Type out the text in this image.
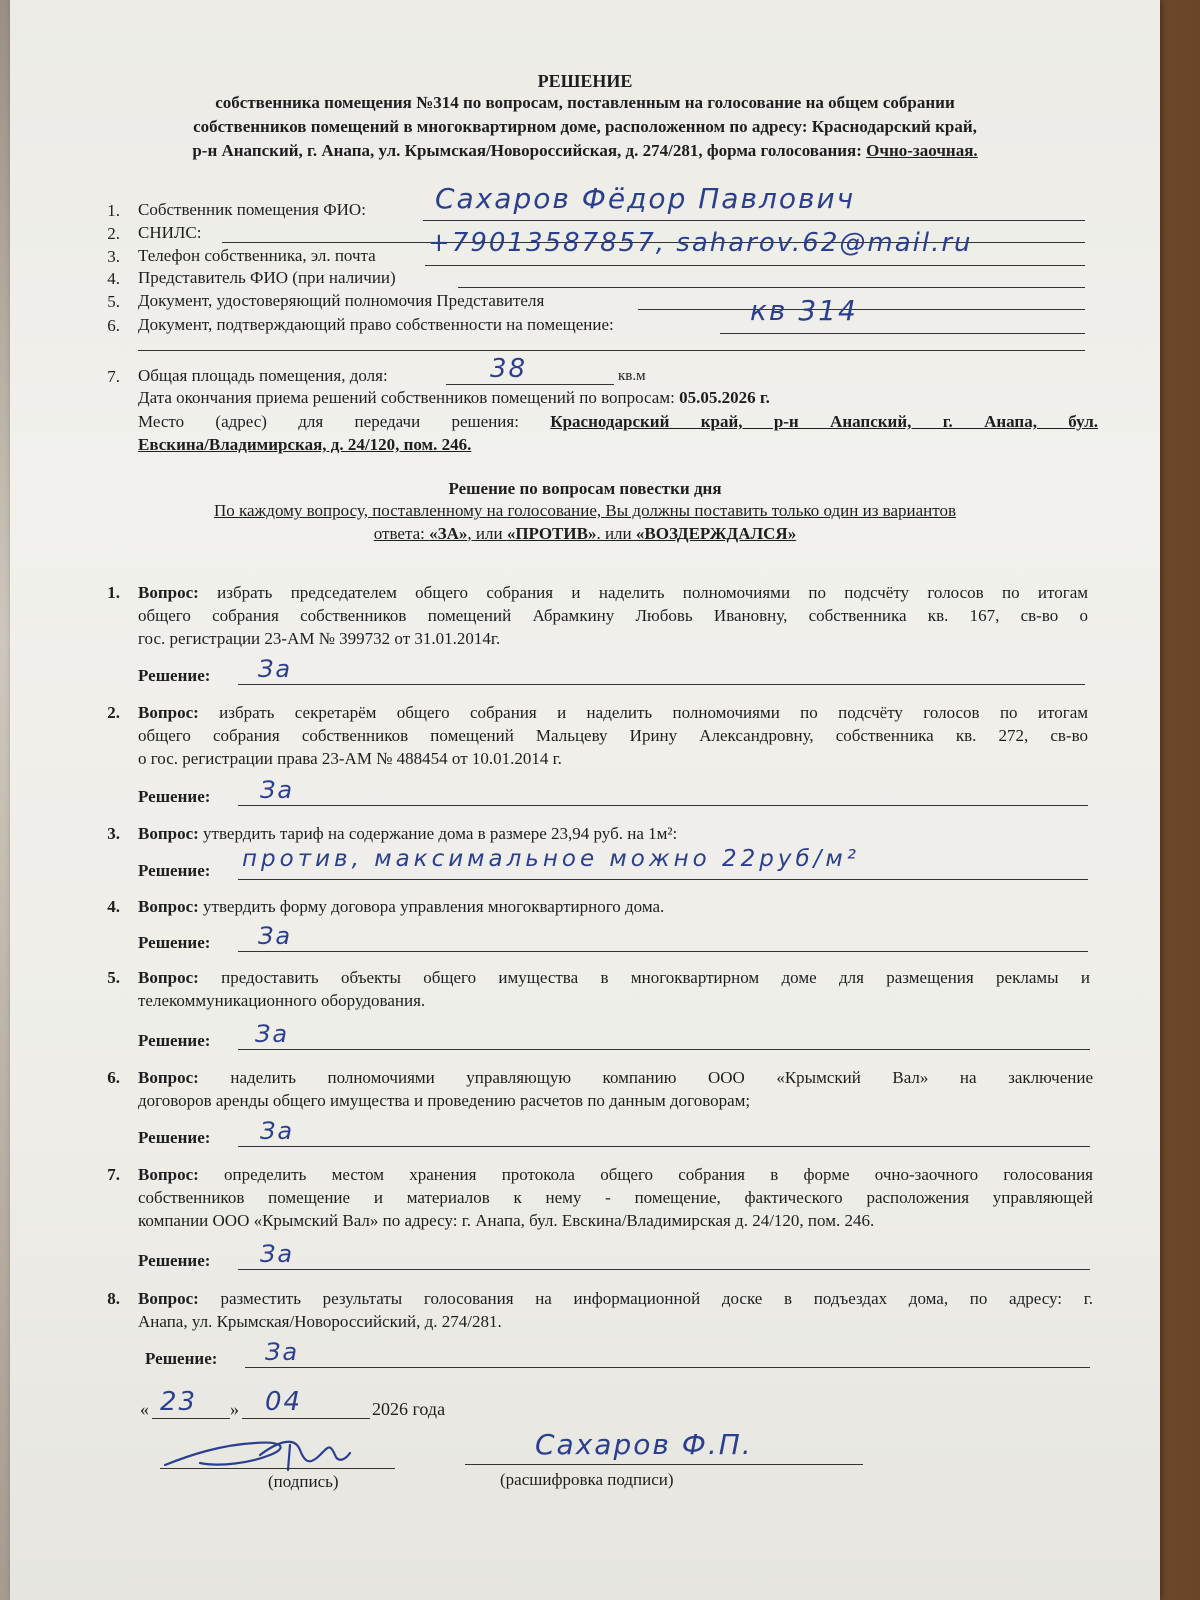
РЕШЕНИЕ
собственника помещения №314 по вопросам, поставленным на голосование на общем собрании
собственников помещений в многоквартирном доме, расположенном по адресу: Краснодарский край,
р-н Анапский, г. Анапа, ул. Крымская/Новороссийская, д. 274/281, форма голосования: Очно-заочная.
1. Собственник помещения ФИО: Сахаров Фёдор Павлович
2. СНИЛС:
3. Телефон собственника, эл. почта +79013587857, saharov.62@mail.ru
4. Представитель ФИО (при наличии)
5. Документ, удостоверяющий полномочия Представителя
6. Документ, подтверждающий право собственности на помещение:	кв 314
7. Общая площадь помещения, доля:	38	кв.м
Дата окончания приема решений собственников помещений по вопросам: 05.05.2026 г.
Место (адрес) для передачи решения: Краснодарский край, р-н Анапский, г. Анапа, бул.
Евскина/Владимирская, д. 24/120, пом. 246.
Решение по вопросам повестки дня
По каждому вопросу, поставленному на голосование, Вы должны поставить только один из вариантов
ответа: «ЗА», или «ПРОТИВ». или «ВОЗДЕРЖДАЛСЯ»
1. Вопрос: избрать председателем общего собрания и наделить полномочиями по подсчёту голосов по итогам
общего собрания собственников помещений Абрамкину Любовь Ивановну, собственника кв. 167, св-во о
гос. регистрации 23-АМ № 399732 от 31.01.2014г.
Решение: За
2. Вопрос: избрать секретарём общего собрания и наделить полномочиями по подсчёту голосов по итогам
общего собрания собственников помещений Мальцеву Ирину Александровну, собственника кв. 272, св-во
о гос. регистрации права 23-АМ № 488454 от 10.01.2014 г.
Решение: За
3. Вопрос: утвердить тариф на содержание дома в размере 23,94 руб. на 1м²:
Решение: против, максимальное можно 22руб/м²
4. Вопрос: утвердить форму договора управления многоквартирного дома.
Решение: За
5. Вопрос: предоставить объекты общего имущества в многоквартирном доме для размещения рекламы и
телекоммуникационного оборудования.
Решение: За
6. Вопрос: наделить полномочиями управляющую компанию ООО «Крымский Вал» на заключение
договоров аренды общего имущества и проведению расчетов по данным договорам;
Решение: За
7. Вопрос: определить местом хранения протокола общего собрания в форме очно-заочного голосования
собственников помещение и материалов к нему - помещение, фактического расположения управляющей
компании ООО «Крымский Вал» по адресу: г. Анапа, бул. Евскина/Владимирская д. 24/120, пом. 246.
Решение: За
8. Вопрос: разместить результаты голосования на информационной доске в подъездах дома, по адресу: г.
Анапа, ул. Крымская/Новороссийский, д. 274/281.
Решение: За
« 23 » 04	2026 года
(подпись)
Сахаров Ф.П.
(расшифровка подписи)
